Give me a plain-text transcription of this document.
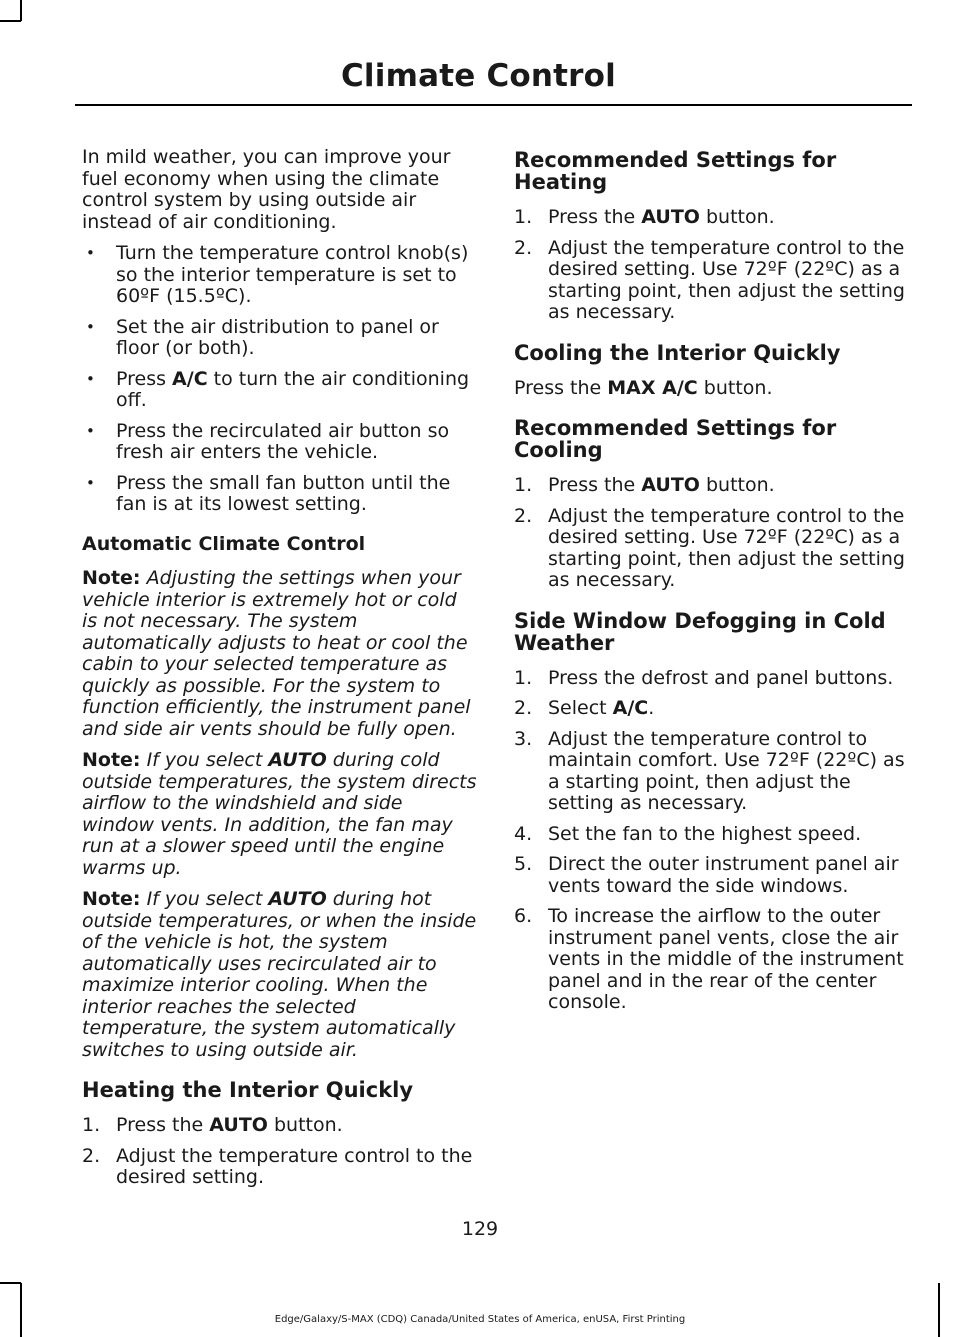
Climate Control

In mild weather, you can improve your fuel economy when using the climate control system by using outside air instead of air conditioning.

• Turn the temperature control knob(s) so the interior temperature is set to 60ºF (15.5ºC).
• Set the air distribution to panel or floor (or both).
• Press A/C to turn the air conditioning off.
• Press the recirculated air button so fresh air enters the vehicle.
• Press the small fan button until the fan is at its lowest setting.
Automatic Climate Control

Note: Adjusting the settings when your vehicle interior is extremely hot or cold is not necessary. The system automatically adjusts to heat or cool the cabin to your selected temperature as quickly as possible. For the system to function efficiently, the instrument panel and side air vents should be fully open.

Note: If you select AUTO during cold outside temperatures, the system directs airflow to the windshield and side window vents. In addition, the fan may run at a slower speed until the engine warms up.

Note: If you select AUTO during hot outside temperatures, or when the inside of the vehicle is hot, the system automatically uses recirculated air to maximize interior cooling. When the interior reaches the selected temperature, the system automatically switches to using outside air.

Heating the Interior Quickly
1. Press the AUTO button.
2. Adjust the temperature control to the desired setting.
Recommended Settings for Heating
1. Press the AUTO button.
2. Adjust the temperature control to the desired setting. Use 72ºF (22ºC) as a starting point, then adjust the setting as necessary.
Cooling the Interior Quickly

Press the MAX A/C button.

Recommended Settings for Cooling
1. Press the AUTO button.
2. Adjust the temperature control to the desired setting. Use 72ºF (22ºC) as a starting point, then adjust the setting as necessary.
Side Window Defogging in Cold Weather
1. Press the defrost and panel buttons.
2. Select A/C.
3. Adjust the temperature control to maintain comfort. Use 72ºF (22ºC) as a starting point, then adjust the setting as necessary.
4. Set the fan to the highest speed.
5. Direct the outer instrument panel air vents toward the side windows.
6. To increase the airflow to the outer instrument panel vents, close the air vents in the middle of the instrument panel and in the rear of the center console.
129
Edge/Galaxy/S-MAX (CDQ) Canada/United States of America, enUSA, First Printing
